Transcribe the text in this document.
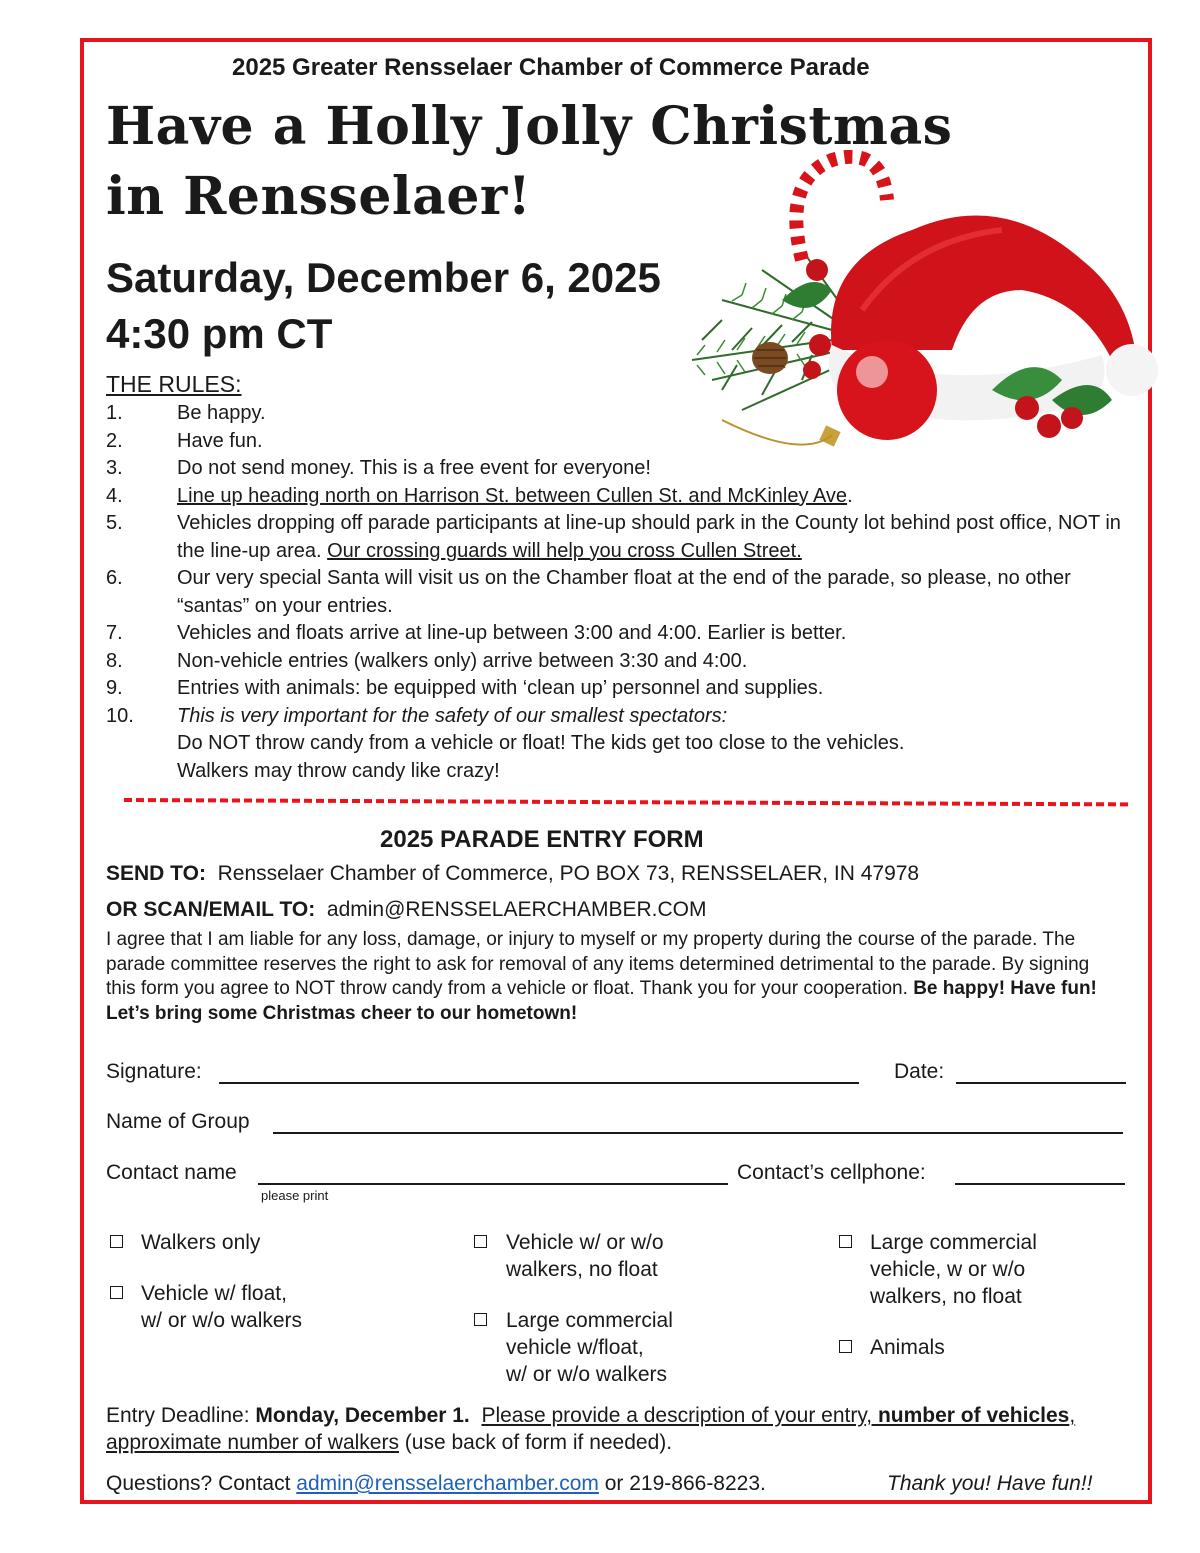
2025 Greater Rensselaer Chamber of Commerce Parade
Have a Holly Jolly Christmas
in Rensselaer!
Saturday, December 6, 2025
4:30 pm CT
THE RULES:
1.	Be happy.
2.	Have fun.
3.	Do not send money. This is a free event for everyone!
4.	Line up heading north on Harrison St. between Cullen St. and McKinley Ave.
5.	Vehicles dropping off parade participants at line-up should park in the County lot behind post office, NOT in the line-up area. Our crossing guards will help you cross Cullen Street.
6.	Our very special Santa will visit us on the Chamber float at the end of the parade, so please, no other “santas” on your entries.
7.	Vehicles and floats arrive at line-up between 3:00 and 4:00. Earlier is better.
8.	Non-vehicle entries (walkers only) arrive between 3:30 and 4:00.
9.	Entries with animals: be equipped with ‘clean up’ personnel and supplies.
10. This is very important for the safety of our smallest spectators:
Do NOT throw candy from a vehicle or float! The kids get too close to the vehicles.
Walkers may throw candy like crazy!
2025 PARADE ENTRY FORM
SEND TO: Rensselaer Chamber of Commerce, PO BOX 73, RENSSELAER, IN 47978
OR SCAN/EMAIL TO: admin@RENSSELAERCHAMBER.COM
I agree that I am liable for any loss, damage, or injury to myself or my property during the course of the parade. The parade committee reserves the right to ask for removal of any items determined detrimental to the parade. By signing this form you agree to NOT throw candy from a vehicle or float. Thank you for your cooperation. Be happy! Have fun! Let’s bring some Christmas cheer to our hometown!
Signature:	Date:
Name of Group
Contact name
please print
Contact’s cellphone:
Walkers only
Vehicle w/ float,
w/ or w/o walkers
Vehicle w/ or w/o
walkers, no float
Large commercial
vehicle w/float,
w/ or w/o walkers
Large commercial
vehicle, w or w/o
walkers, no float
Animals
Entry Deadline: Monday, December 1. Please provide a description of your entry, number of vehicles, approximate number of walkers (use back of form if needed).
Questions? Contact admin@rensselaerchamber.com or 219-866-8223.	Thank you! Have fun!!
